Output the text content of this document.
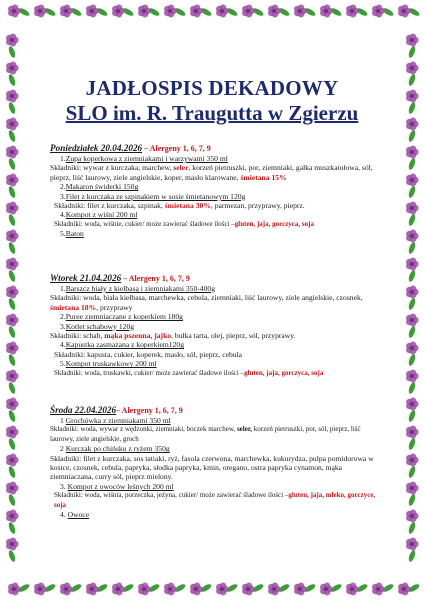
JADŁOSPIS DEKADOWY
SLO im. R. Traugutta w Zgierzu
Poniedziałek 20.04.2026 – Alergeny 1, 6, 7, 9
1.Zupa koperkowa z ziemniakami i warzywami 350 ml
Składniki: wywar z kurczaka, marchew, seler, korzeń pietruszki, por, ziemniaki, gałka muszkatołowa, sól, pieprz, liść laurowy, ziele angielskie, koper, masło klarowane, śmietana 15%
2.Makaron świderki 150g
3.Filet z kurczaka ze szpinakiem w sosie śmietanowym 120g
Składniki: filet z kurczaka, szpinak, śmietana 30%, parmezan, przyprawy, pieprz.
4.Kompot z wiśni 200 ml
Składniki: woda, wiśnie, cukier/ może zawierać śladowe ilości –gluten, jaja, gorczyca, soja
5.Baton
Wtorek 21.04.2026 – Alergeny 1, 6, 7, 9
1.Barszcz biały z kiełbasą i ziemniakami 350-400g
Składniki: woda, biała kiełbasa, marchewka, cebula, ziemniaki, liść laurowy, ziele angielskie, czosnek, śmietana 18%, przyprawy
2.Puree ziemniaczane z koperkiem 180g
3.Kotlet schabowy 120g
Składniki: schab, mąka pszenna, jajko, bułka tarta, olej, pieprz, sól, przyprawy.
4.Kapustka zasmażana z koperkiem120g
Składniki: kapusta, cukier, koperek, masło, sól, pieprz, cebula
5.Kompot truskawkowy 200 ml
Składniki: woda, truskawki, cukier/ może zawierać śladowe ilości –gluten, jaja, gorczyca, soja
Środa 22.04.2026– Alergeny 1, 6, 7, 9
1 Grochówka z ziemniakami 350 ml
Składniki: woda, wywar z wędzonki, ziemniaki, boczek marchew, seler, korzeń pietruszki, por, sól, pieprz, liść laurowy, ziele angielskie, groch
2 Kurczak po chińsku z ryżem 350g
Składniki: filet z kurczaka, sos tatiaki, ryż, fasola czerwona, marchewka, kukurydza, pulpa pomidorowa w kostce, czosnek, cebula, papryka, słodka papryka, kmin, oregano, ostra papryka cynamon, mąka ziemniaczana, curry sól, pieprz mielony.
3. Kompot z owoców leśnych 200 ml
Składniki: woda, wiśnia, porzeczka, jeżyna, cukier/ może zawierać śladowe ilości –gluten, jaja, mleko, gorczyce, soja
4. Owoce
